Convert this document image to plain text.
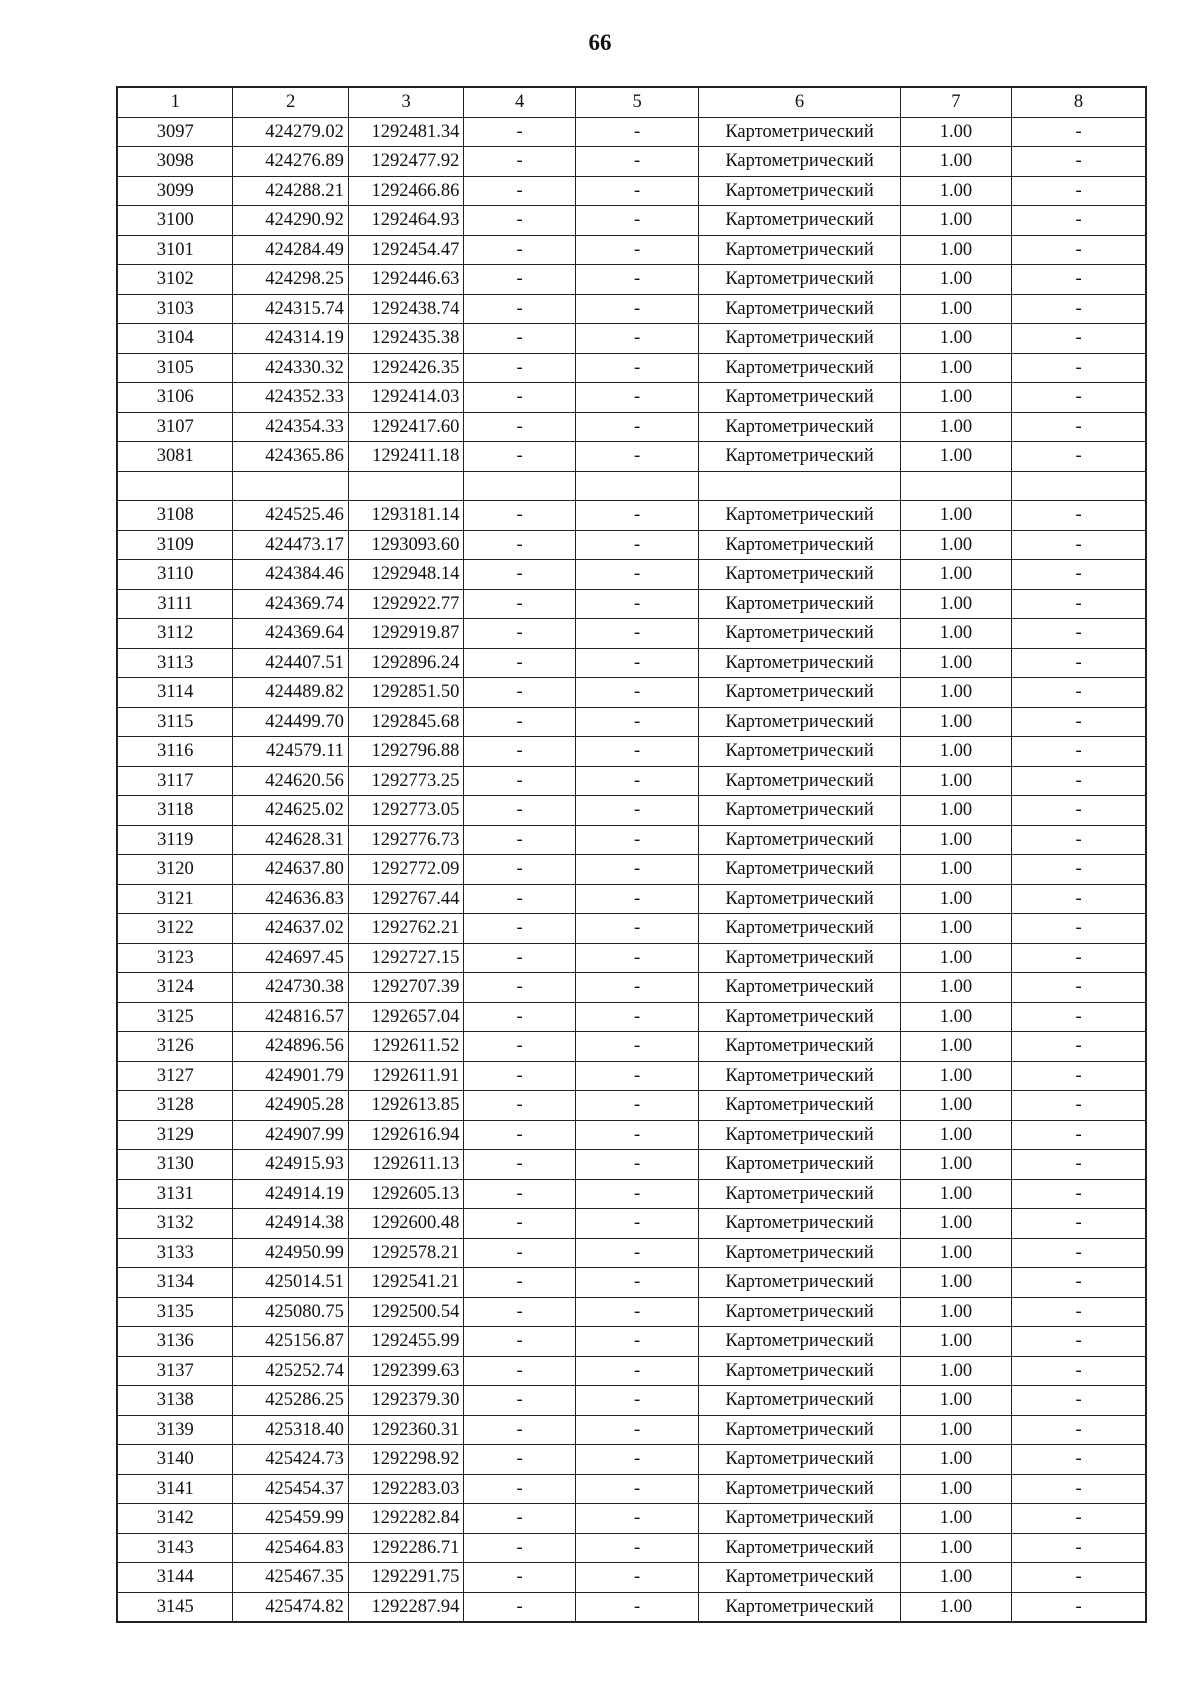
66
1	2	3	4	5	6	7	8
3097	424279.02	1292481.34	-	-	Картометрический	1.00	-
3098	424276.89	1292477.92	-	-	Картометрический	1.00	-
3099	424288.21	1292466.86	-	-	Картометрический	1.00	-
3100	424290.92	1292464.93	-	-	Картометрический	1.00	-
3101	424284.49	1292454.47	-	-	Картометрический	1.00	-
3102	424298.25	1292446.63	-	-	Картометрический	1.00	-
3103	424315.74	1292438.74	-	-	Картометрический	1.00	-
3104	424314.19	1292435.38	-	-	Картометрический	1.00	-
3105	424330.32	1292426.35	-	-	Картометрический	1.00	-
3106	424352.33	1292414.03	-	-	Картометрический	1.00	-
3107	424354.33	1292417.60	-	-	Картометрический	1.00	-
3081	424365.86	1292411.18	-	-	Картометрический	1.00	-

3108	424525.46	1293181.14	-	-	Картометрический	1.00	-
3109	424473.17	1293093.60	-	-	Картометрический	1.00	-
3110	424384.46	1292948.14	-	-	Картометрический	1.00	-
3111	424369.74	1292922.77	-	-	Картометрический	1.00	-
3112	424369.64	1292919.87	-	-	Картометрический	1.00	-
3113	424407.51	1292896.24	-	-	Картометрический	1.00	-
3114	424489.82	1292851.50	-	-	Картометрический	1.00	-
3115	424499.70	1292845.68	-	-	Картометрический	1.00	-
3116	424579.11	1292796.88	-	-	Картометрический	1.00	-
3117	424620.56	1292773.25	-	-	Картометрический	1.00	-
3118	424625.02	1292773.05	-	-	Картометрический	1.00	-
3119	424628.31	1292776.73	-	-	Картометрический	1.00	-
3120	424637.80	1292772.09	-	-	Картометрический	1.00	-
3121	424636.83	1292767.44	-	-	Картометрический	1.00	-
3122	424637.02	1292762.21	-	-	Картометрический	1.00	-
3123	424697.45	1292727.15	-	-	Картометрический	1.00	-
3124	424730.38	1292707.39	-	-	Картометрический	1.00	-
3125	424816.57	1292657.04	-	-	Картометрический	1.00	-
3126	424896.56	1292611.52	-	-	Картометрический	1.00	-
3127	424901.79	1292611.91	-	-	Картометрический	1.00	-
3128	424905.28	1292613.85	-	-	Картометрический	1.00	-
3129	424907.99	1292616.94	-	-	Картометрический	1.00	-
3130	424915.93	1292611.13	-	-	Картометрический	1.00	-
3131	424914.19	1292605.13	-	-	Картометрический	1.00	-
3132	424914.38	1292600.48	-	-	Картометрический	1.00	-
3133	424950.99	1292578.21	-	-	Картометрический	1.00	-
3134	425014.51	1292541.21	-	-	Картометрический	1.00	-
3135	425080.75	1292500.54	-	-	Картометрический	1.00	-
3136	425156.87	1292455.99	-	-	Картометрический	1.00	-
3137	425252.74	1292399.63	-	-	Картометрический	1.00	-
3138	425286.25	1292379.30	-	-	Картометрический	1.00	-
3139	425318.40	1292360.31	-	-	Картометрический	1.00	-
3140	425424.73	1292298.92	-	-	Картометрический	1.00	-
3141	425454.37	1292283.03	-	-	Картометрический	1.00	-
3142	425459.99	1292282.84	-	-	Картометрический	1.00	-
3143	425464.83	1292286.71	-	-	Картометрический	1.00	-
3144	425467.35	1292291.75	-	-	Картометрический	1.00	-
3145	425474.82	1292287.94	-	-	Картометрический	1.00	-
